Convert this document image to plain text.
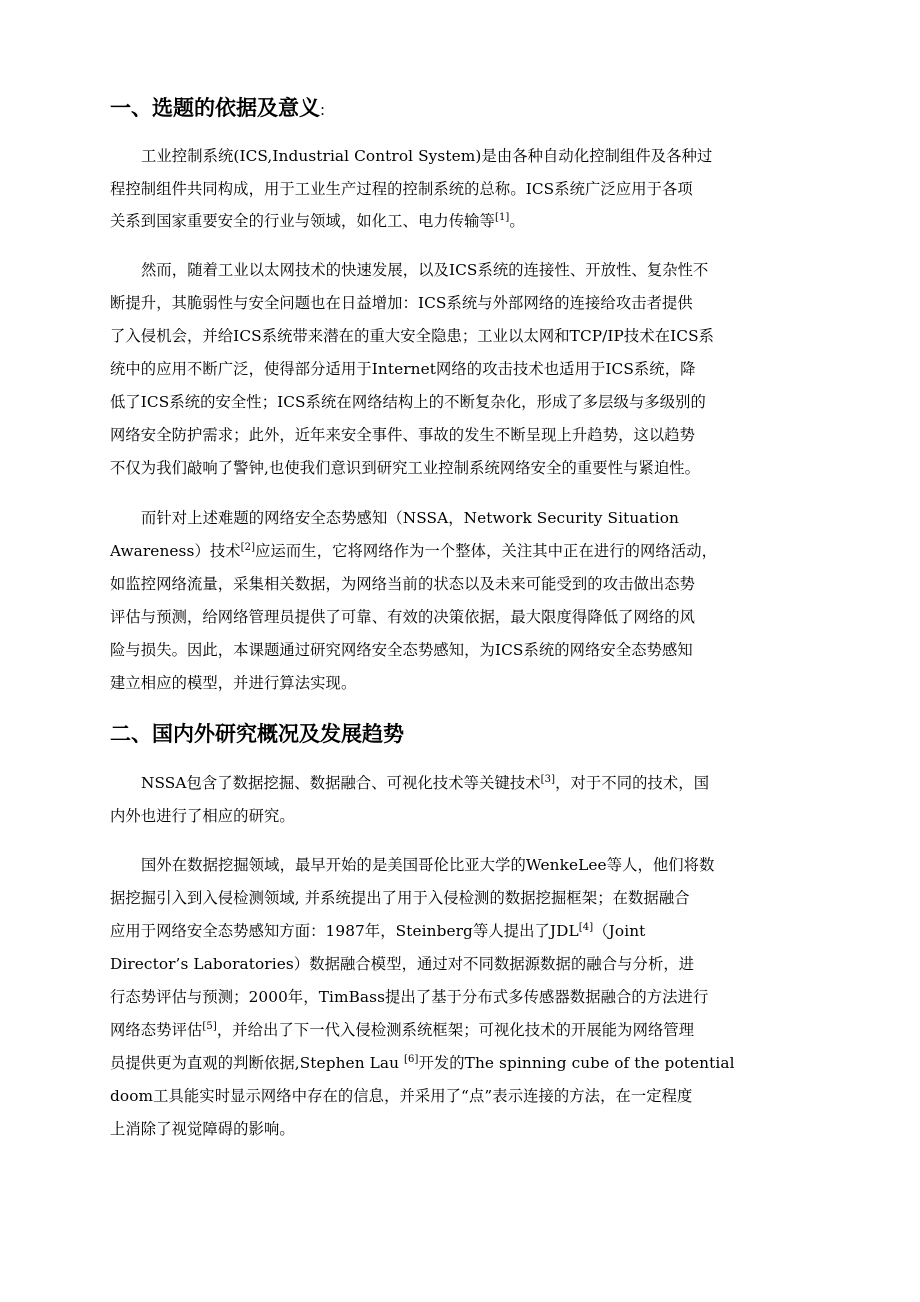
一、选题的依据及意义:

工业控制系统(ICS,Industrial Control System)是由各种自动化控制组件及各种过

程控制组件共同构成，用于工业生产过程的控制系统的总称。ICS系统广泛应用于各项

关系到国家重要安全的行业与领域，如化工、电力传输等[1]。

然而，随着工业以太网技术的快速发展，以及ICS系统的连接性、开放性、复杂性不

断提升，其脆弱性与安全问题也在日益增加：ICS系统与外部网络的连接给攻击者提供

了入侵机会，并给ICS系统带来潜在的重大安全隐患；工业以太网和TCP/IP技术在ICS系

统中的应用不断广泛，使得部分适用于Internet网络的攻击技术也适用于ICS系统，降

低了ICS系统的安全性；ICS系统在网络结构上的不断复杂化，形成了多层级与多级别的

网络安全防护需求；此外，近年来安全事件、事故的发生不断呈现上升趋势，这以趋势

不仅为我们敲响了警钟,也使我们意识到研究工业控制系统网络安全的重要性与紧迫性。

而针对上述难题的网络安全态势感知（NSSA，Network Security Situation

Awareness）技术[2]应运而生，它将网络作为一个整体，关注其中正在进行的网络活动，

如监控网络流量，采集相关数据，为网络当前的状态以及未来可能受到的攻击做出态势

评估与预测，给网络管理员提供了可靠、有效的决策依据，最大限度得降低了网络的风

险与损失。因此，本课题通过研究网络安全态势感知，为ICS系统的网络安全态势感知

建立相应的模型，并进行算法实现。

二、国内外研究概况及发展趋势

NSSA包含了数据挖掘、数据融合、可视化技术等关键技术[3]，对于不同的技术，国

内外也进行了相应的研究。

国外在数据挖掘领域，最早开始的是美国哥伦比亚大学的WenkeLee等人，他们将数

据挖掘引入到入侵检测领域, 并系统提出了用于入侵检测的数据挖掘框架；在数据融合

应用于网络安全态势感知方面：1987年，Steinberg等人提出了JDL[4]（Joint

Director’s Laboratories）数据融合模型，通过对不同数据源数据的融合与分析，进

行态势评估与预测；2000年，TimBass提出了基于分布式多传感器数据融合的方法进行

网络态势评估[5]，并给出了下一代入侵检测系统框架；可视化技术的开展能为网络管理

员提供更为直观的判断依据,Stephen Lau [6]开发的The spinning cube of the potential

doom工具能实时显示网络中存在的信息，并采用了“点”表示连接的方法，在一定程度

上消除了视觉障碍的影响。
